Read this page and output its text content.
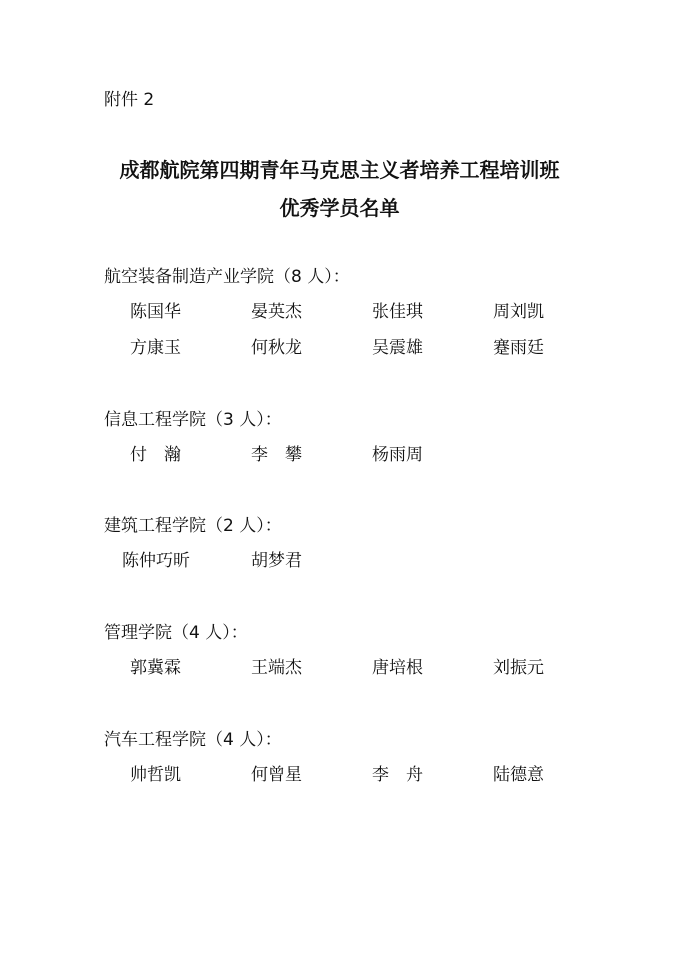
附件 2
成都航院第四期青年马克思主义者培养工程培训班
优秀学员名单
航空装备制造产业学院（8 人）：
陈国华	晏英杰	张佳琪	周刘凯
方康玉	何秋龙	吴震雄	蹇雨廷
信息工程学院（3 人）：
付　瀚	李　攀	杨雨周
建筑工程学院（2 人）：
陈仲巧昕	胡梦君
管理学院（4 人）：
郭冀霖	王端杰	唐培根	刘振元
汽车工程学院（4 人）：
帅哲凯	何曾星	李　舟	陆德意
